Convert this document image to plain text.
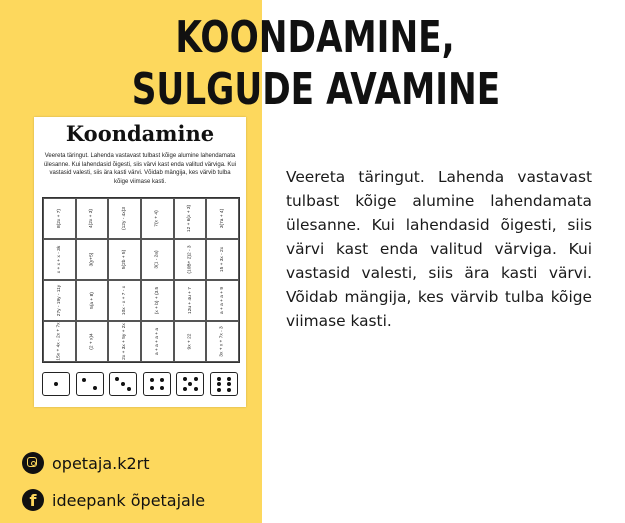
KOONDAMINE,
SULGUDE AVAMINE
Koondamine
Veereta täringut. Lahenda vastavast tulbast kõige alumine lahendamata ülesanne. Kui lahendasid õigesti, siis värvi kast enda valitud värviga. Kui vastasid valesti, siis ära kasti värvi. Võidab mängija, kes värvib tulba kõige viimase kasti.
8(2x + 7)	4(2x + 3)	(12y - 4x)3	7(x + 4)	12 + 6(x + 3)	3(7a + 4)
x + x + x - 3k	3(y+5)	5(2b + 5)	3(1 - 2a)	(10B+ 2)2 - 3	15 + 3x - 2x
27y - 19y - 11y	5(a + 8)	10x - x + 7 - x	(x + b) + (3.5	12u + 4u + 7	a + a + a + 9
15x + 4x - 2x + 7x	(2 + x)4	2x + 3x + 5y + 2x	a + a + a + a	9x + 22	3x + x + 7x - 3
Veereta täringut. Lahenda vastavast tulbast kõige alumine lahendamata ülesanne. Kui lahendasid õigesti, siis värvi kast enda valitud värviga. Kui vastasid valesti, siis ära kasti värvi. Võidab mängija, kes värvib tulba kõige viimase kasti.
opetaja.k2rt
f ideepank õpetajale
